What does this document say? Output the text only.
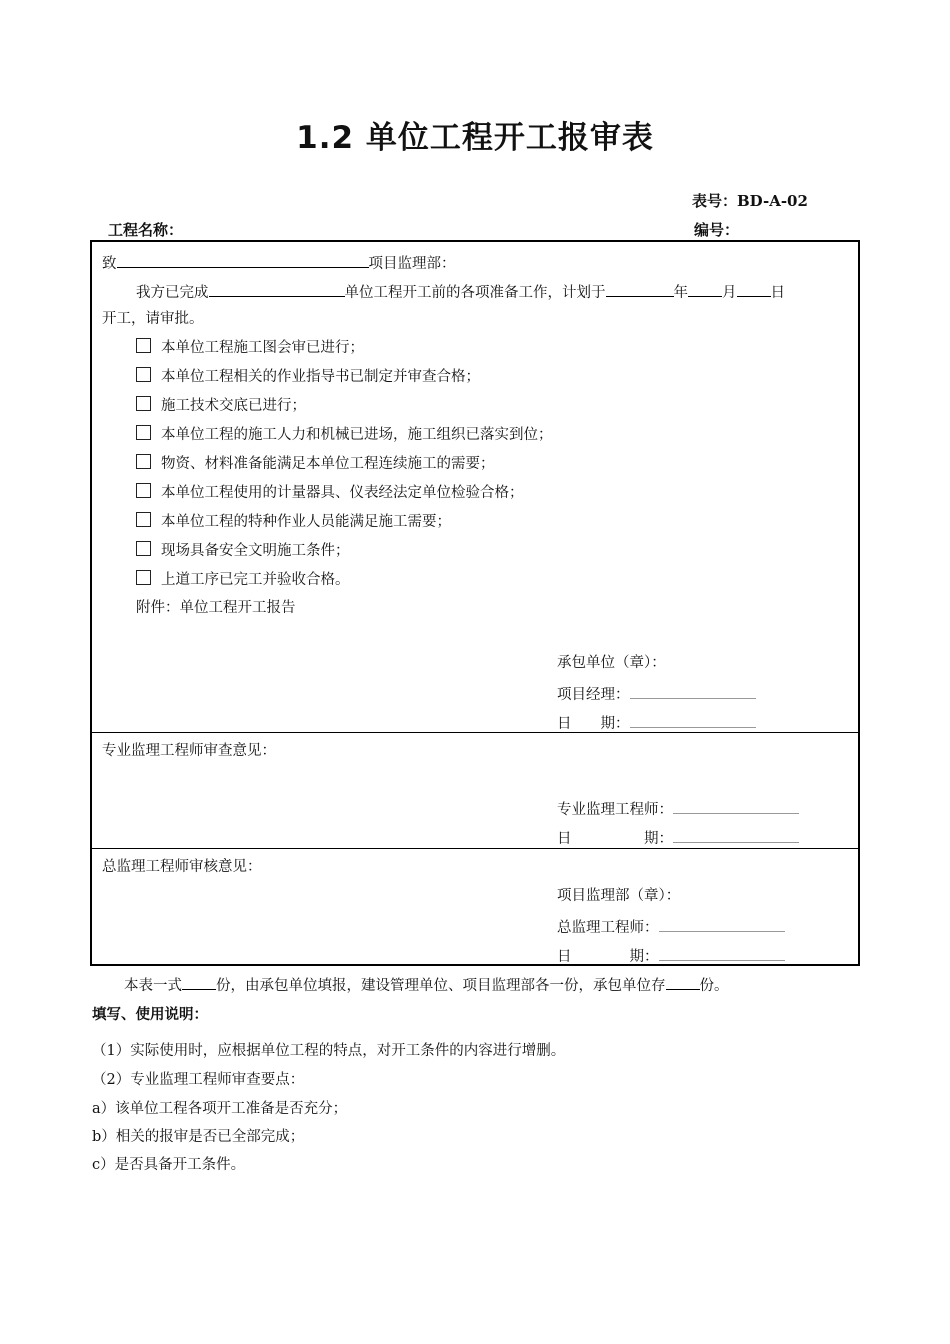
1.2 单位工程开工报审表
表号：BD-A-02
工程名称：	编号：
致	项目监理部：
我方已完成	单位工程开工前的各项准备工作，计划于	年 月 日
开工，请审批。
本单位工程施工图会审已进行；
本单位工程相关的作业指导书已制定并审查合格；
施工技术交底已进行；
本单位工程的施工人力和机械已进场，施工组织已落实到位；
物资、材料准备能满足本单位工程连续施工的需要；
本单位工程使用的计量器具、仪表经法定单位检验合格；
本单位工程的特种作业人员能满足施工需要；
现场具备安全文明施工条件；
上道工序已完工并验收合格。
附件：单位工程开工报告
承包单位（章）：
项目经理：
日　　期：
专业监理工程师审查意见：
专业监理工程师：
日　　　　　期：
总监理工程师审核意见：
项目监理部（章）：
总监理工程师：
日　　　　期：
本表一式 份，由承包单位填报，建设管理单位、项目监理部各一份，承包单位存 份。
填写、使用说明：
（1）实际使用时，应根据单位工程的特点，对开工条件的内容进行增删。
（2）专业监理工程师审查要点：
a）该单位工程各项开工准备是否充分；
b）相关的报审是否已全部完成；
c）是否具备开工条件。
